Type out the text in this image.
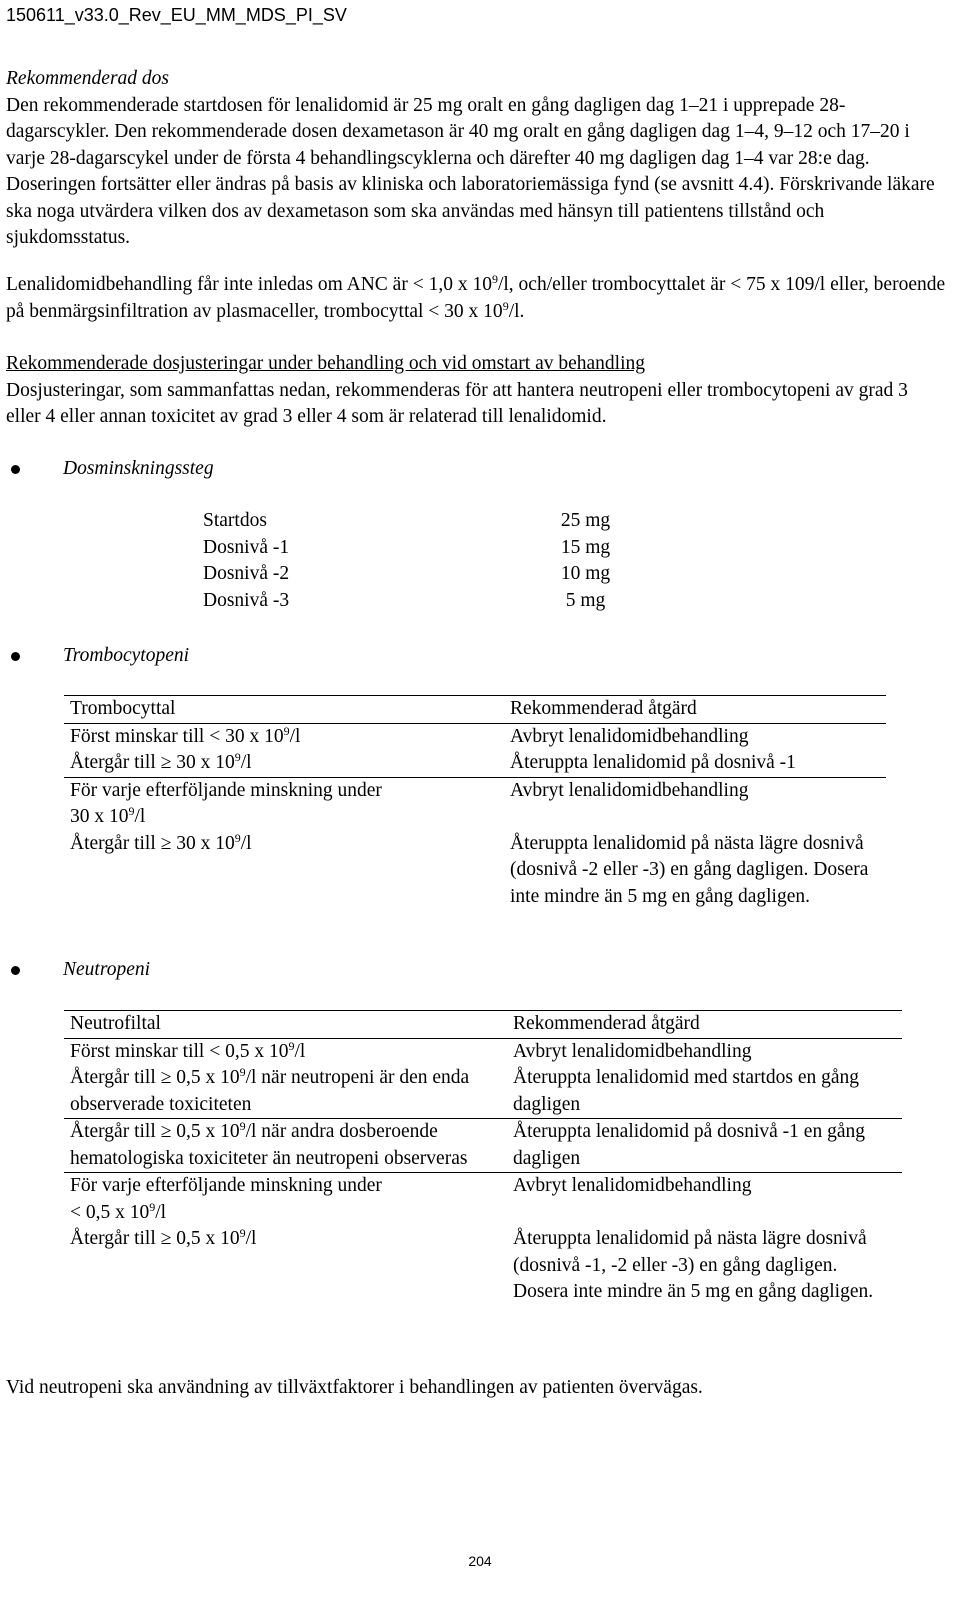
150611_v33.0_Rev_EU_MM_MDS_PI_SV
Rekommenderad dos
Den rekommenderade startdosen för lenalidomid är 25 mg oralt en gång dagligen dag 1–21 i upprepade 28-dagarscykler. Den rekommenderade dosen dexametason är 40 mg oralt en gång dagligen dag 1–4, 9–12 och 17–20 i varje 28-dagarscykel under de första 4 behandlingscyklerna och därefter 40 mg dagligen dag 1–4 var 28:e dag. Doseringen fortsätter eller ändras på basis av kliniska och laboratoriemässiga fynd (se avsnitt 4.4). Förskrivande läkare ska noga utvärdera vilken dos av dexametason som ska användas med hänsyn till patientens tillstånd och sjukdomsstatus.
Lenalidomidbehandling får inte inledas om ANC är < 1,0 x $10^9/l$, och/eller trombocyttalet är < 75 x 109/l eller, beroende på benmärgsinfiltration av plasmaceller, trombocyttal < 30 x $10^9/l$.
Rekommenderade dosjusteringar under behandling och vid omstart av behandling
Dosjusteringar, som sammanfattas nedan, rekommenderas för att hantera neutropeni eller trombocytopeni av grad 3 eller 4 eller annan toxicitet av grad 3 eller 4 som är relaterad till lenalidomid.
Dosminskningssteg
Startdos	25 mg
Dosnivå -1	15 mg
Dosnivå -2	10 mg
Dosnivå -3	5 mg
Trombocytopeni
Trombocyttal	Rekommenderad åtgärd
Först minskar till < 30 x $10^9/l$	Avbryt lenalidomidbehandling
Återgår till ≥ 30 x $10^9/l$	Återuppta lenalidomid på dosnivå -1

För varje efterföljande minskning under
30 x $10^9/l$	Avbryt lenalidomidbehandling
Återgår till ≥ 30 x $10^9/l$	Återuppta lenalidomid på nästa lägre dosnivå (dosnivå -2 eller -3) en gång dagligen. Dosera inte mindre än 5 mg en gång dagligen.
Neutropeni
Neutrofiltal	Rekommenderad åtgärd
Först minskar till < 0,5 x $10^9/l$	Avbryt lenalidomidbehandling
Återgår till ≥ 0,5 x $10^9/l$ när neutropeni är den enda observerade toxiciteten	Återuppta lenalidomid med startdos en gång dagligen
Återgår till ≥ 0,5 x $10^9/l$ när andra dosberoende hematologiska toxiciteter än neutropeni observeras	Återuppta lenalidomid på dosnivå -1 en gång dagligen

För varje efterföljande minskning under
< 0,5 x $10^9/l$	Avbryt lenalidomidbehandling
Återgår till ≥ 0,5 x $10^9/l$	Återuppta lenalidomid på nästa lägre dosnivå (dosnivå -1, -2 eller -3) en gång dagligen. Dosera inte mindre än 5 mg en gång dagligen.
Vid neutropeni ska användning av tillväxtfaktorer i behandlingen av patienten övervägas.
204
